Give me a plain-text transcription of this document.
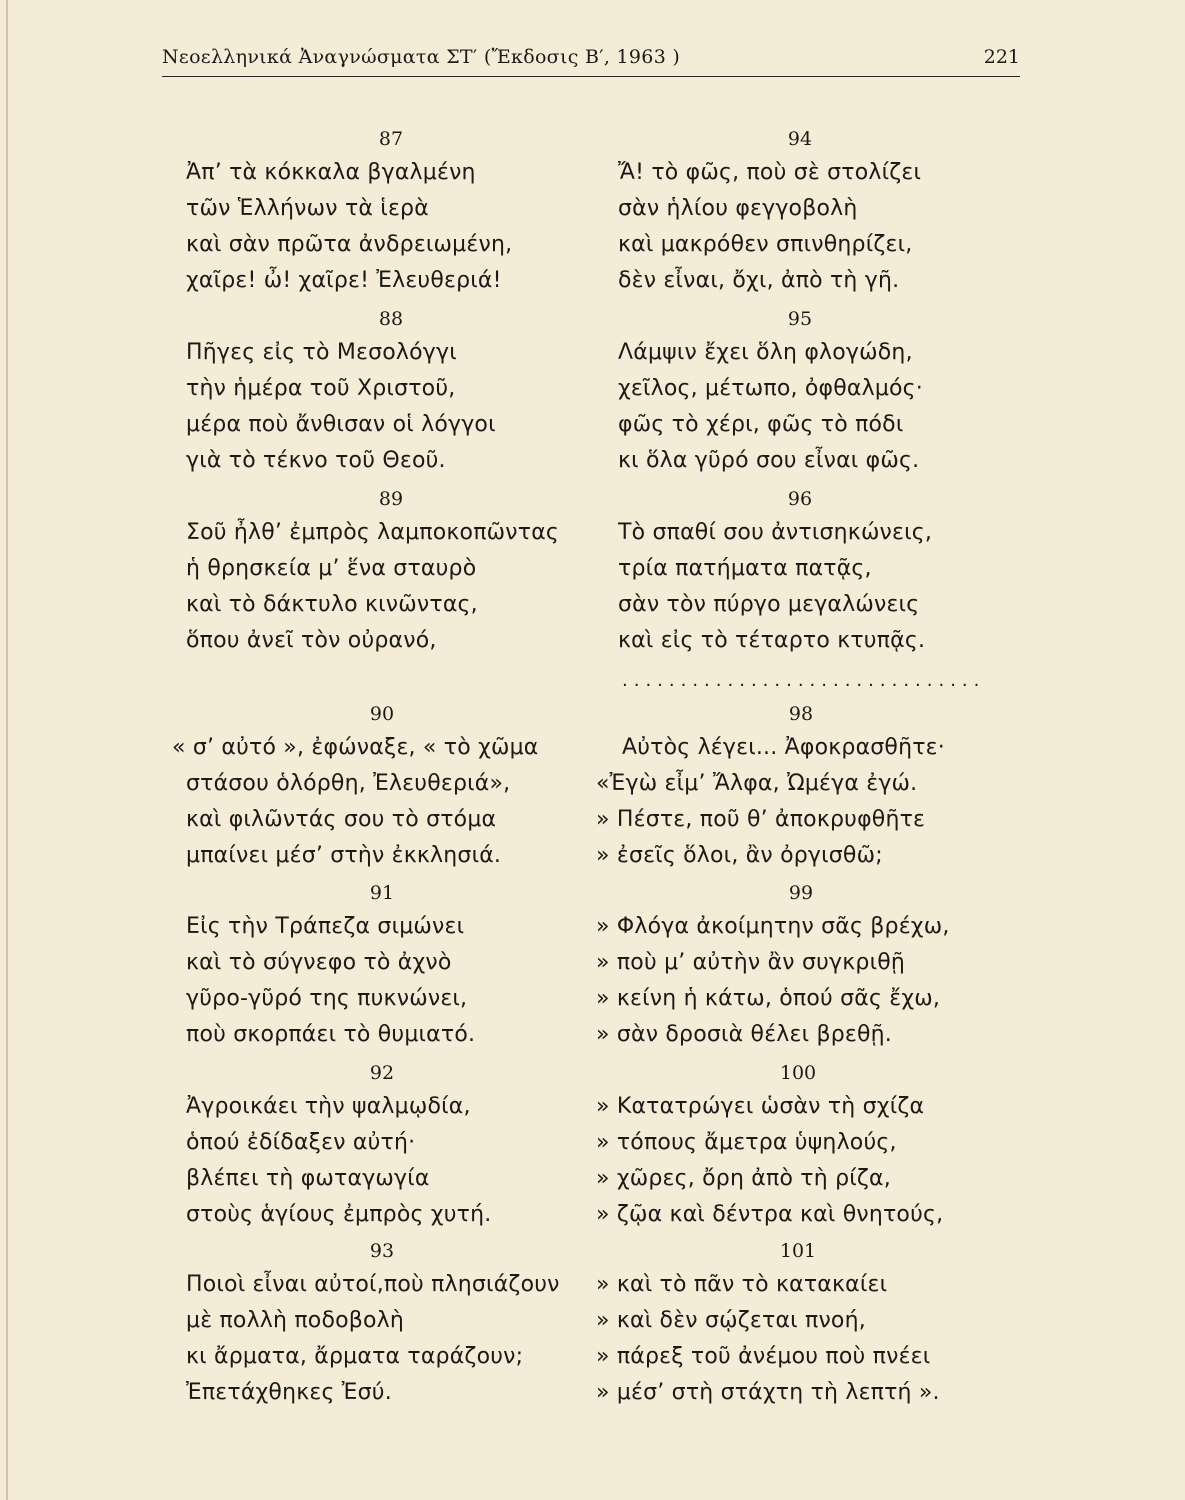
Νεοελληνικά Ἀναγνώσματα ΣΤ′ (Ἔκδοσις Β′, 1963 )	221
87
Ἀπ’ τὰ κόκκαλα βγαλμένη
τῶν Ἑλλήνων τὰ ἱερὰ
καὶ σὰν πρῶτα ἀνδρειωμένη,
χαῖρε! ὦ! χαῖρε! Ἐλευθεριά!
88
Πῆγες εἰς τὸ Μεσολόγγι
τὴν ἡμέρα τοῦ Χριστοῦ,
μέρα ποὺ ἄνθισαν οἱ λόγγοι
γιὰ τὸ τέκνο τοῦ Θεοῦ.
89
Σοῦ ἦλθ’ ἐμπρὸς λαμποκοπῶντας
ἡ θρησκεία μ’ ἕνα σταυρὸ
καὶ τὸ δάκτυλο κινῶντας,
ὅπου ἀνεῖ τὸν οὐρανό,
90
« σ’ αὐτό », ἐφώναξε, « τὸ χῶμα
στάσου ὁλόρθη, Ἐλευθεριά»,
καὶ φιλῶντάς σου τὸ στόμα
μπαίνει μέσ’ στὴν ἐκκλησιά.
91
Εἰς τὴν Τράπεζα σιμώνει
καὶ τὸ σύγνεφο τὸ ἀχνὸ
γῦρο-γῦρό της πυκνώνει,
ποὺ σκορπάει τὸ θυμιατό.
92
Ἀγροικάει τὴν ψαλμῳδία,
ὁπού ἐδίδαξεν αὐτή·
βλέπει τὴ φωταγωγία
στοὺς ἁγίους ἐμπρὸς χυτή.
93
Ποιοὶ εἶναι αὐτοί,ποὺ πλησιάζουν
μὲ πολλὴ ποδοβολὴ
κι ἄρματα, ἄρματα ταράζουν;
Ἐπετάχθηκες Ἐσύ.
94
Ἄ! τὸ φῶς, ποὺ σὲ στολίζει
σὰν ἡλίου φεγγοβολὴ
καὶ μακρόθεν σπινθηρίζει,
δὲν εἶναι, ὄχι, ἀπὸ τὴ γῆ.
95
Λάμψιν ἔχει ὅλη φλογώδη,
χεῖλος, μέτωπο, ὀφθαλμός·
φῶς τὸ χέρι, φῶς τὸ πόδι
κι ὅλα γῦρό σου εἶναι φῶς.
96
Τὸ σπαθί σου ἀντισηκώνεις,
τρία πατήματα πατᾷς,
σὰν τὸν πύργο μεγαλώνεις
καὶ εἰς τὸ τέταρτο κτυπᾷς.
...............................
98
Αὐτὸς λέγει... Ἀφοκρασθῆτε·
«Ἐγὼ εἶμ’ Ἄλφα, Ὠμέγα ἐγώ.
» Πέστε, ποῦ θ’ ἀποκρυφθῆτε
» ἐσεῖς ὅλοι, ἂν ὀργισθῶ;
99
» Φλόγα ἀκοίμητην σᾶς βρέχω,
» ποὺ μ’ αὐτὴν ἂν συγκριθῇ
» κείνη ἡ κάτω, ὁπού σᾶς ἔχω,
» σὰν δροσιὰ θέλει βρεθῇ.
100
» Κατατρώγει ὡσὰν τὴ σχίζα
» τόπους ἄμετρα ὑψηλούς,
» χῶρες, ὄρη ἀπὸ τὴ ρίζα,
» ζῷα καὶ δέντρα καὶ θνητούς,
101
» καὶ τὸ πᾶν τὸ κατακαίει
» καὶ δὲν σῴζεται πνοή,
» πάρεξ τοῦ ἀνέμου ποὺ πνέει
» μέσ’ στὴ στάχτη τὴ λεπτή ».
